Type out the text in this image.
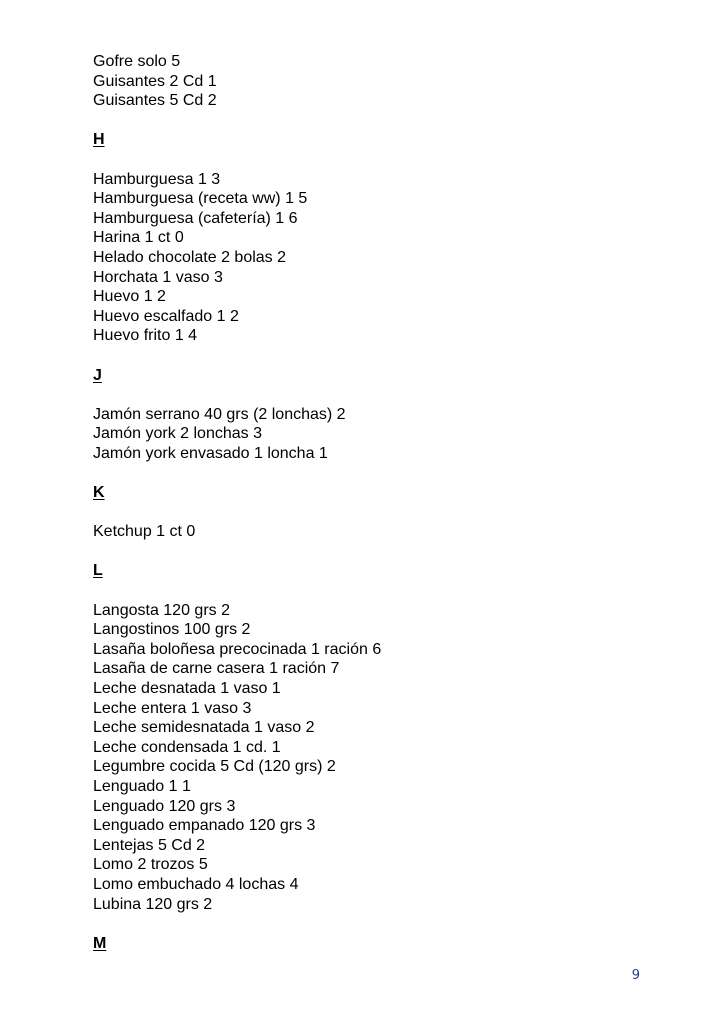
Gofre solo 5
Guisantes 2 Cd 1
Guisantes 5 Cd 2
H
Hamburguesa 1 3
Hamburguesa (receta ww) 1 5
Hamburguesa (cafetería) 1 6
Harina 1 ct 0
Helado chocolate 2 bolas 2
Horchata 1 vaso 3
Huevo 1 2
Huevo escalfado 1 2
Huevo frito 1 4
J
Jamón serrano 40 grs (2 lonchas) 2
Jamón york 2 lonchas 3
Jamón york envasado 1 loncha 1
K
Ketchup 1 ct 0
L
Langosta 120 grs 2
Langostinos 100 grs 2
Lasaña boloñesa precocinada 1 ración 6
Lasaña de carne casera 1 ración 7
Leche desnatada 1 vaso 1
Leche entera 1 vaso 3
Leche semidesnatada 1 vaso 2
Leche condensada 1 cd. 1
Legumbre cocida 5 Cd (120 grs) 2
Lenguado 1 1
Lenguado 120 grs 3
Lenguado empanado 120 grs 3
Lentejas 5 Cd 2
Lomo 2 trozos 5
Lomo embuchado 4 lochas 4
Lubina 120 grs 2
M
9
